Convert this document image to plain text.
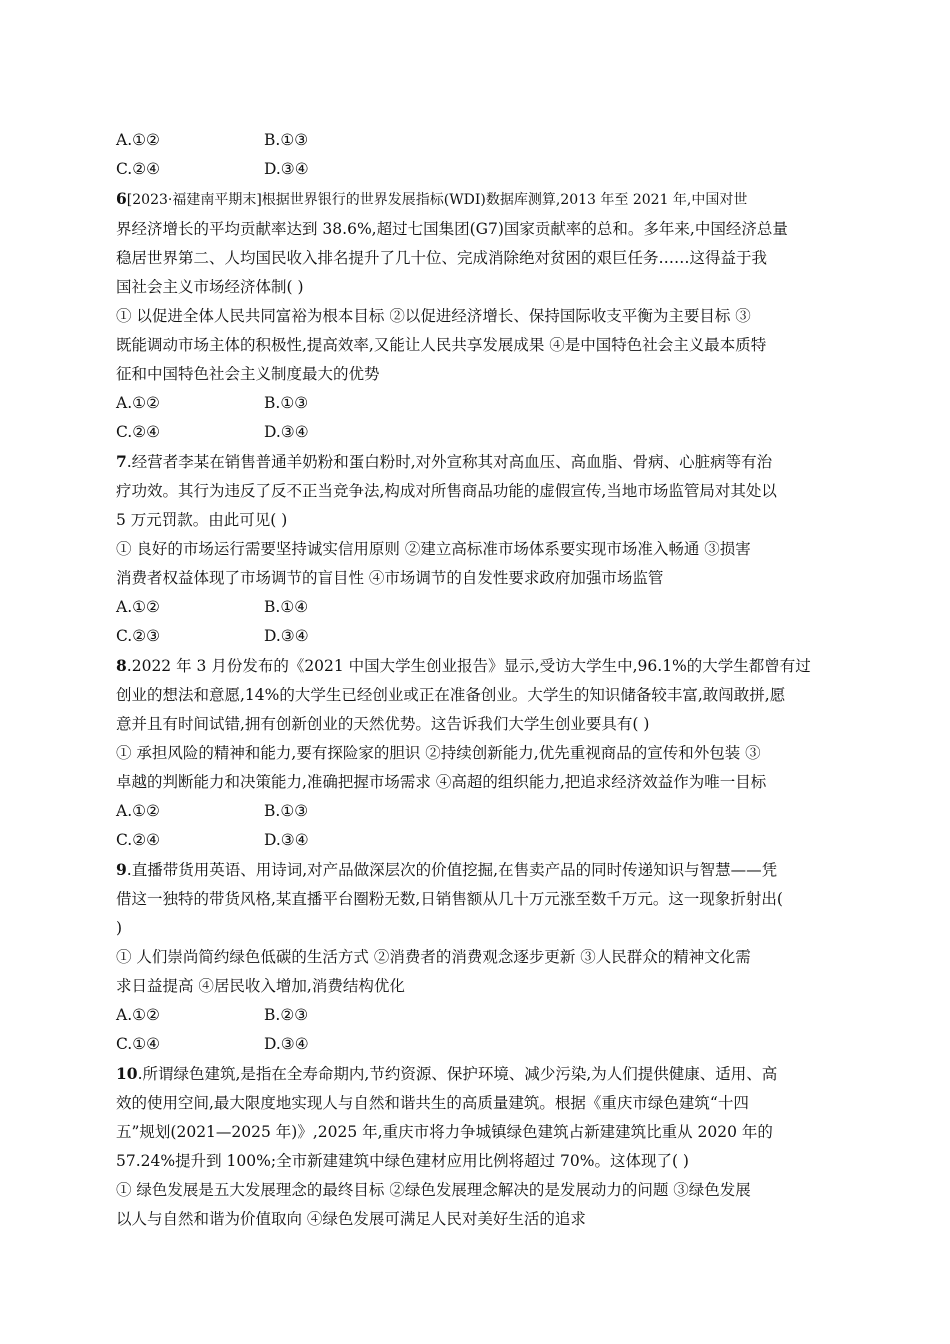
A.①②	B.①③
C.②④	D.③④
6[2023·福建南平期末]根据世界银行的世界发展指标(WDI)数据库测算,2013 年至 2021 年,中国对世
界经济增长的平均贡献率达到 38.6%,超过七国集团(G7)国家贡献率的总和。多年来,中国经济总量
稳居世界第二、人均国民收入排名提升了几十位、完成消除绝对贫困的艰巨任务……这得益于我
国社会主义市场经济体制( )
① 以促进全体人民共同富裕为根本目标 ②以促进经济增长、保持国际收支平衡为主要目标 ③
既能调动市场主体的积极性,提高效率,又能让人民共享发展成果 ④是中国特色社会主义最本质特
征和中国特色社会主义制度最大的优势
A.①②	B.①③
C.②④	D.③④
7.经营者李某在销售普通羊奶粉和蛋白粉时,对外宣称其对高血压、高血脂、骨病、心脏病等有治
疗功效。其行为违反了反不正当竞争法,构成对所售商品功能的虚假宣传,当地市场监管局对其处以
5 万元罚款。由此可见( )
① 良好的市场运行需要坚持诚实信用原则 ②建立高标准市场体系要实现市场准入畅通 ③损害
消费者权益体现了市场调节的盲目性 ④市场调节的自发性要求政府加强市场监管
A.①②	B.①④
C.②③	D.③④
8.2022 年 3 月份发布的《2021 中国大学生创业报告》显示,受访大学生中,96.1%的大学生都曾有过
创业的想法和意愿,14%的大学生已经创业或正在准备创业。大学生的知识储备较丰富,敢闯敢拼,愿
意并且有时间试错,拥有创新创业的天然优势。这告诉我们大学生创业要具有( )
① 承担风险的精神和能力,要有探险家的胆识 ②持续创新能力,优先重视商品的宣传和外包装 ③
卓越的判断能力和决策能力,准确把握市场需求 ④高超的组织能力,把追求经济效益作为唯一目标
A.①②	B.①③
C.②④	D.③④
9.直播带货用英语、用诗词,对产品做深层次的价值挖掘,在售卖产品的同时传递知识与智慧——凭
借这一独特的带货风格,某直播平台圈粉无数,日销售额从几十万元涨至数千万元。这一现象折射出(
)
① 人们崇尚简约绿色低碳的生活方式 ②消费者的消费观念逐步更新 ③人民群众的精神文化需
求日益提高 ④居民收入增加,消费结构优化
A.①②	B.②③
C.①④	D.③④
10.所谓绿色建筑,是指在全寿命期内,节约资源、保护环境、减少污染,为人们提供健康、适用、高
效的使用空间,最大限度地实现人与自然和谐共生的高质量建筑。根据《重庆市绿色建筑“十四
五”规划(2021—2025 年)》,2025 年,重庆市将力争城镇绿色建筑占新建建筑比重从 2020 年的
57.24%提升到 100%;全市新建建筑中绿色建材应用比例将超过 70%。这体现了( )
① 绿色发展是五大发展理念的最终目标 ②绿色发展理念解决的是发展动力的问题 ③绿色发展
以人与自然和谐为价值取向 ④绿色发展可满足人民对美好生活的追求
